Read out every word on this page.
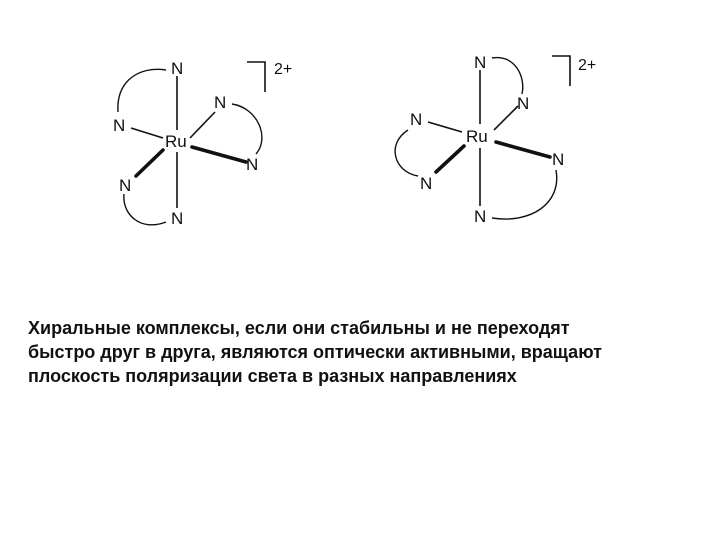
Ru
N
N
N
N
N
N
2+
Ru
N
N
N
N
N
N
2+
Хиральные комплексы, если они стабильны и не переходят
быстро друг в друга, являются оптически активными, вращают
плоскость поляризации света в разных направлениях
